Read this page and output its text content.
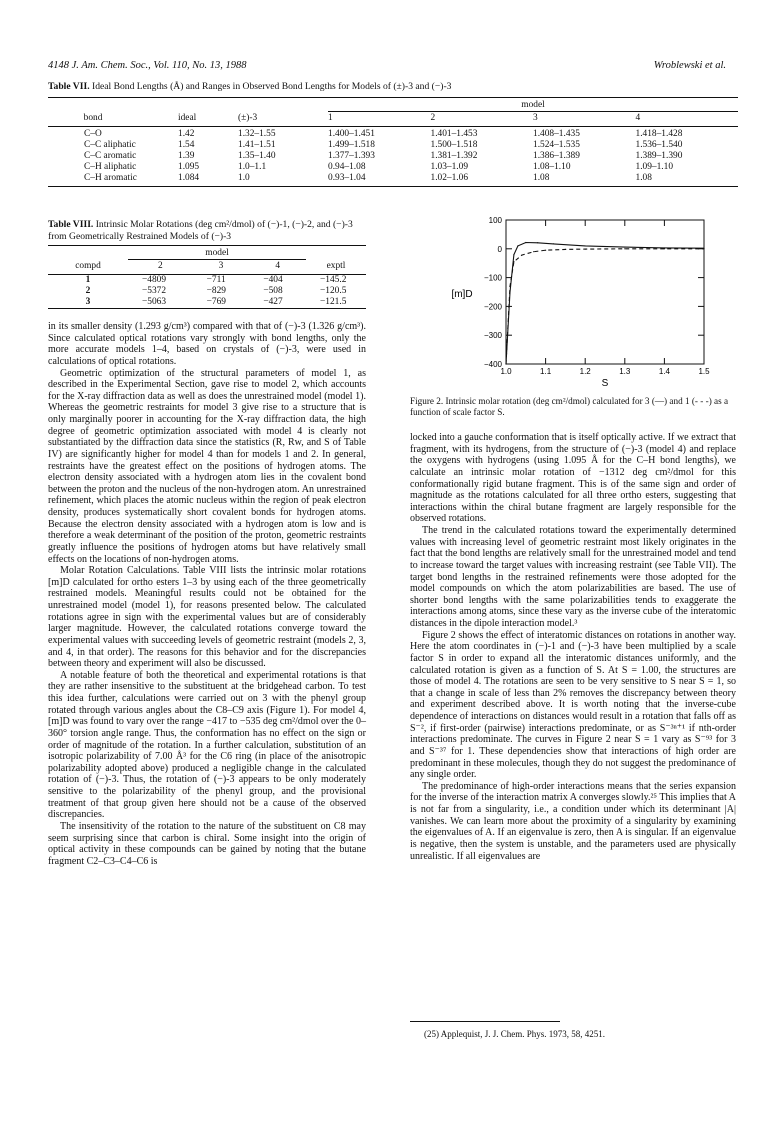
4148 J. Am. Chem. Soc., Vol. 110, No. 13, 1988	Wroblewski et al.
Table VII. Ideal Bond Lengths (Å) and Ranges in Observed Bond Lengths for Models of (±)-3 and (−)-3
			model			
bond	ideal	(±)-3	1	2	3	4
C–O	1.42	1.32–1.55	1.400–1.451	1.401–1.453	1.408–1.435	1.418–1.428
C–C aliphatic	1.54	1.41–1.51	1.499–1.518	1.500–1.518	1.524–1.535	1.536–1.540
C–C aromatic	1.39	1.35–1.40	1.377–1.393	1.381–1.392	1.386–1.389	1.389–1.390
C–H aliphatic	1.095	1.0–1.1	0.94–1.08	1.03–1.09	1.08–1.10	1.09–1.10
C–H aromatic	1.084	1.0	0.93–1.04	1.02–1.06	1.08	1.08
Table VIII. Intrinsic Molar Rotations (deg cm²/dmol) of (−)-1, (−)-2, and (−)-3 from Geometrically Restrained Models of (−)-3
	model			
compd	2	3	4	exptl
1	−4809	−711	−404	−145.2
2	−5372	−829	−508	−120.5
3	−5063	−769	−427	−121.5

in its smaller density (1.293 g/cm³) compared with that of (−)-3 (1.326 g/cm³). Since calculated optical rotations vary strongly with bond lengths, only the more accurate models 1–4, based on crystals of (−)-3, were used in calculations of optical rotations.

Geometric optimization of the structural parameters of model 1, as described in the Experimental Section, gave rise to model 2, which accounts for the X-ray diffraction data as well as does the unrestrained model (model 1). Whereas the geometric restraints for model 3 give rise to a structure that is only marginally poorer in accounting for the X-ray diffraction data, the high degree of geometric optimization associated with model 4 is clearly not substantiated by the diffraction data since the statistics (R, Rw, and S of Table IV) are significantly higher for model 4 than for models 1 and 2. In general, restraints have the greatest effect on the positions of hydrogen atoms. The electron density associated with a hydrogen atom lies in the covalent bond between the proton and the nucleus of the non-hydrogen atom. An unrestrained refinement, which places the atomic nucleus within the region of peak electron density, produces systematically short covalent bonds for hydrogen atoms. Because the electron density associated with a hydrogen atom is low and is therefore a weak determinant of the position of the proton, geometric restraints greatly influence the positions of hydrogen atoms but have relatively small effects on the locations of non-hydrogen atoms.

Molar Rotation Calculations. Table VIII lists the intrinsic molar rotations [m]D calculated for ortho esters 1–3 by using each of the three geometrically restrained models. Meaningful results could not be obtained for the unrestrained model (model 1), for reasons presented below. The calculated rotations agree in sign with the experimental values but are of considerably larger magnitude. However, the calculated rotations converge toward the experimental values with succeeding levels of geometric restraint (models 2, 3, and 4, in that order). The reasons for this behavior and for the discrepancies between theory and experiment will also be discussed.

A notable feature of both the theoretical and experimental rotations is that they are rather insensitive to the substituent at the bridgehead carbon. To test this idea further, calculations were carried out on 3 with the phenyl group rotated through various angles about the C8–C9 axis (Figure 1). For model 4, [m]D was found to vary over the range −417 to −535 deg cm²/dmol over the 0–360° torsion angle range. Thus, the conformation has no effect on the sign or order of magnitude of the rotation. In a further calculation, substitution of an isotropic polarizability of 7.00 Å³ for the C6 ring (in place of the anisotropic polarizability adopted above) produced a negligible change in the calculated rotation of (−)-3. Thus, the rotation of (−)-3 appears to be only moderately sensitive to the polarizability of the phenyl group, and the provisional treatment of that group given here should not be a cause of the observed discrepancies.

The insensitivity of the rotation to the nature of the substituent on C8 may seem surprising since that carbon is chiral. Some insight into the origin of optical activity in these compounds can be gained by noting that the butane fragment C2–C3–C4–C6 is

100
0
−100
−200
−300
−400
1.0	1.1	1.2	1.3	1.4	1.5
[m]D
S
Figure 2. Intrinsic molar rotation (deg cm²/dmol) calculated for 3 (—) and 1 (- - -) as a function of scale factor S.

locked into a gauche conformation that is itself optically active. If we extract that fragment, with its hydrogens, from the structure of (−)-3 (model 4) and replace the oxygens with hydrogens (using 1.095 Å for the C–H bond lengths), we calculate an intrinsic molar rotation of −1312 deg cm²/dmol for this conformationally rigid butane fragment. This is of the same sign and order of magnitude as the rotations calculated for all three ortho esters, suggesting that interactions within the chiral butane fragment are largely responsible for the observed rotations.

The trend in the calculated rotations toward the experimentally determined values with increasing level of geometric restraint most likely originates in the fact that the bond lengths are relatively small for the unrestrained model and tend to increase toward the target values with increasing restraint (see Table VII). The target bond lengths in the restrained refinements were those adopted for the model compounds on which the atom polarizabilities are based. The use of shorter bond lengths with the same polarizabilities tends to exaggerate the interactions among atoms, since these vary as the inverse cube of the interatomic distances in the dipole interaction model.³

Figure 2 shows the effect of interatomic distances on rotations in another way. Here the atom coordinates in (−)-1 and (−)-3 have been multiplied by a scale factor S in order to expand all the interatomic distances uniformly, and the calculated rotation is given as a function of S. At S = 1.00, the structures are those of model 4. The rotations are seen to be very sensitive to S near S = 1, so that a change in scale of less than 2% removes the discrepancy between theory and experiment described above. It is worth noting that the inverse-cube dependence of interactions on distances would result in a rotation that falls off as S⁻², if first-order (pairwise) interactions predominate, or as S⁻³ⁿ⁺¹ if nth-order interactions predominate. The curves in Figure 2 near S = 1 vary as S⁻⁹³ for 3 and S⁻³⁷ for 1. These dependencies show that interactions of high order are predominant in these molecules, though they do not suggest the predominance of any single order.

The predominance of high-order interactions means that the series expansion for the inverse of the interaction matrix A converges slowly.²⁵ This implies that A is not far from a singularity, i.e., a condition under which its determinant |A| vanishes. We can learn more about the proximity of a singularity by examining the eigenvalues of A. If an eigenvalue is zero, then A is singular. If an eigenvalue is negative, then the system is unstable, and the parameters used are physically unrealistic. If all eigenvalues are

(25) Applequist, J. J. Chem. Phys. 1973, 58, 4251.
